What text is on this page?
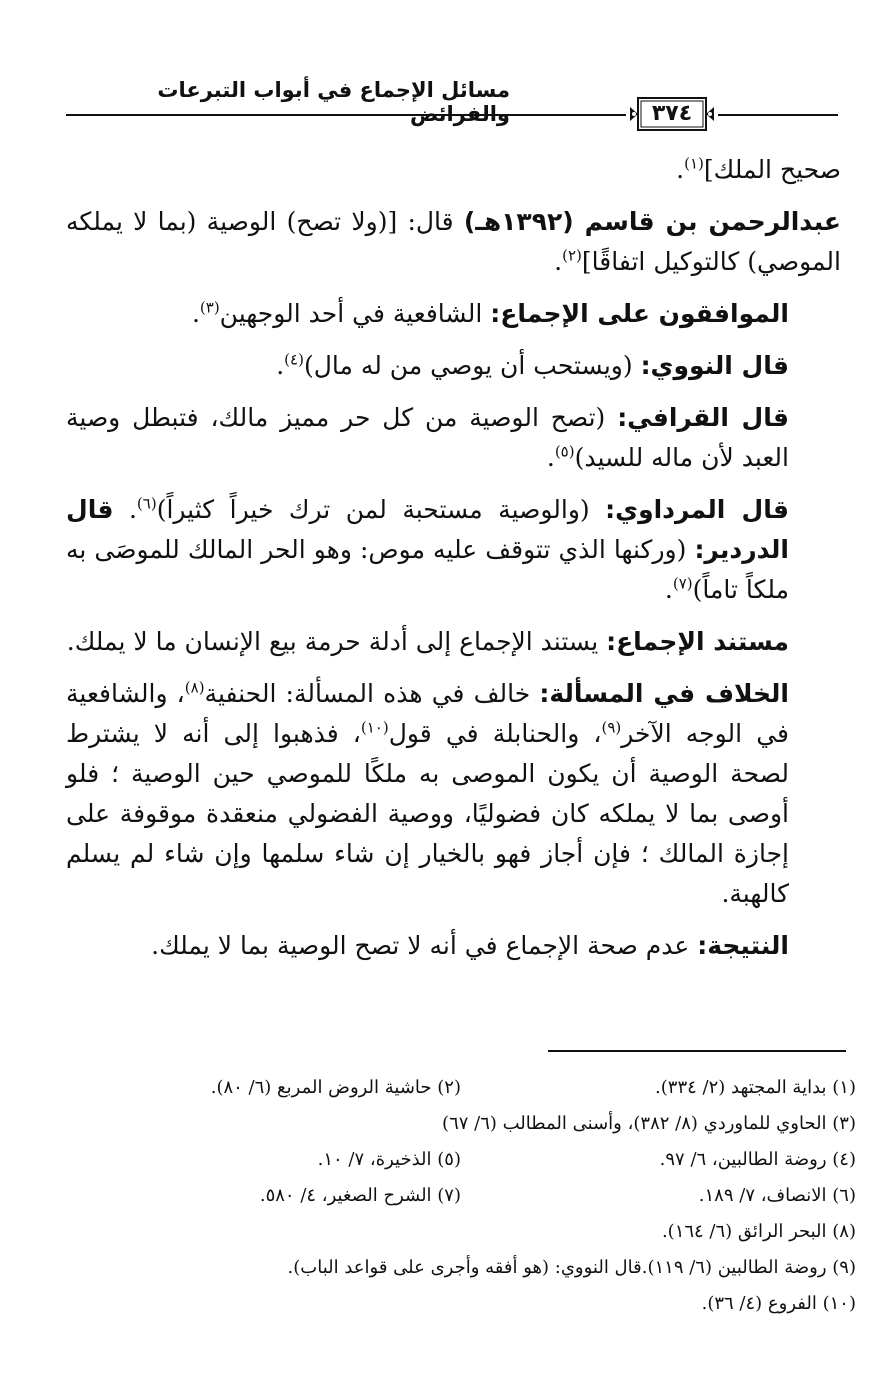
مسائل الإجماع في أبواب التبرعات والفرائض	٣٧٤

صحيح الملك]$^{(١)}$.

عبدالرحمن بن قاسم (١٣٩٢هـ) قال: [(ولا تصح) الوصية (بما لا يملكه الموصي) كالتوكيل اتفاقًا]$^{(٢)}$.

الموافقون على الإجماع: الشافعية في أحد الوجهين$^{(٣)}$.

قال النووي: (ويستحب أن يوصي من له مال)$^{(٤)}$.

قال القرافي: (تصح الوصية من كل حر مميز مالك، فتبطل وصية العبد لأن ماله للسيد)$^{(٥)}$.

قال المرداوي: (والوصية مستحبة لمن ترك خيراً كثيراً)$^{(٦)}$. قال الدردير: (وركنها الذي تتوقف عليه موص: وهو الحر المالك للموصَى به ملكاً تاماً)$^{(٧)}$.

مستند الإجماع: يستند الإجماع إلى أدلة حرمة بيع الإنسان ما لا يملك.

الخلاف في المسألة: خالف في هذه المسألة: الحنفية$^{(٨)}$، والشافعية في الوجه الآخر$^{(٩)}$، والحنابلة في قول$^{(١٠)}$، فذهبوا إلى أنه لا يشترط لصحة الوصية أن يكون الموصى به ملكًا للموصي حين الوصية ؛ فلو أوصى بما لا يملكه كان فضوليًا، ووصية الفضولي منعقدة موقوفة على إجازة المالك ؛ فإن أجاز فهو بالخيار إن شاء سلمها وإن شاء لم يسلم كالهبة.

النتيجة: عدم صحة الإجماع في أنه لا تصح الوصية بما لا يملك.

(١) بداية المجتهد (٢/ ٣٣٤).
(٢) حاشية الروض المربع (٦/ ٨٠).
(٣) الحاوي للماوردي (٨/ ٣٨٢)، وأسنى المطالب (٦/ ٦٧)
(٤) روضة الطالبين، ٦/ ٩٧.
(٥) الذخيرة، ٧/ ١٠.
(٦) الانصاف، ٧/ ١٨٩.
(٧) الشرح الصغير، ٤/ ٥٨٠.
(٨) البحر الرائق (٦/ ١٦٤).
(٩) روضة الطالبين (٦/ ١١٩).قال النووي: (هو أفقه وأجرى على قواعد الباب).
(١٠) الفروع (٤/ ٣٦).
